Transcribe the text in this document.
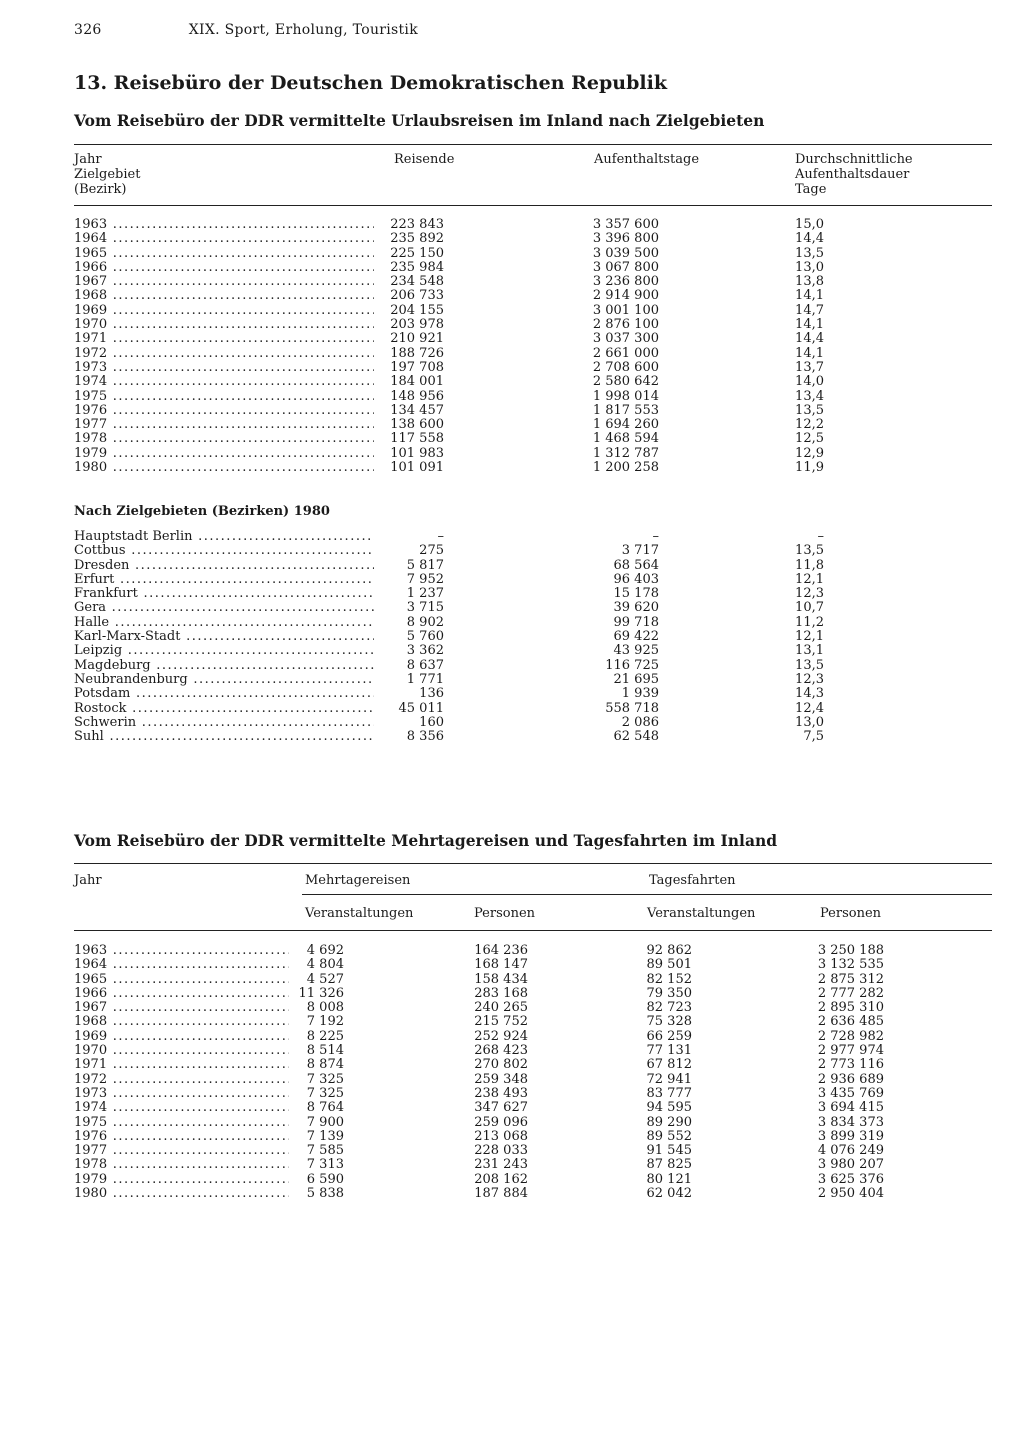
326	XIX. Sport, Erholung, Touristik
13. Reisebüro der Deutschen Demokratischen Republik
Vom Reisebüro der DDR vermittelte Urlaubsreisen im Inland nach Zielgebieten
Jahr
Zielgebiet
(Bezirk)
Reisende	Aufenthaltstage	Durchschnittliche
Aufenthaltsdauer
Tage
1963 .....	223 843	3 357 600	15,0
1964 .....	235 892	3 396 800	14,4
1965 .....	225 150	3 039 500	13,5
1966 .....	235 984	3 067 800	13,0
1967 .....	234 548	3 236 800	13,8
1968 .....	206 733	2 914 900	14,1
1969 .....	204 155	3 001 100	14,7
1970 .....	203 978	2 876 100	14,1
1971 .....	210 921	3 037 300	14,4
1972 .....	188 726	2 661 000	14,1
1973 .....	197 708	2 708 600	13,7
1974 .....	184 001	2 580 642	14,0
1975 .....	148 956	1 998 014	13,4
1976 .....	134 457	1 817 553	13,5
1977 .....	138 600	1 694 260	12,2
1978 .....	117 558	1 468 594	12,5
1979 .....	101 983	1 312 787	12,9
1980 .....	101 091	1 200 258	11,9
Nach Zielgebieten (Bezirken) 1980
Hauptstadt Berlin .....	–	–	–
Cottbus .....	275	3 717	13,5
Dresden .....	5 817	68 564	11,8
Erfurt .....	7 952	96 403	12,1
Frankfurt .....	1 237	15 178	12,3
Gera .....	3 715	39 620	10,7
Halle .....	8 902	99 718	11,2
Karl-Marx-Stadt .....	5 760	69 422	12,1
Leipzig .....	3 362	43 925	13,1
Magdeburg .....	8 637	116 725	13,5
Neubrandenburg .....	1 771	21 695	12,3
Potsdam .....	136	1 939	14,3
Rostock .....	45 011	558 718	12,4
Schwerin .....	160	2 086	13,0
Suhl .....	8 356	62 548	7,5
Vom Reisebüro der DDR vermittelte Mehrtagereisen und Tagesfahrten im Inland
Jahr	Mehrtagereisen	Tagesfahrten
Veranstaltungen	Personen	Veranstaltungen	Personen
1963 .....	4 692	164 236	92 862	3 250 188
1964 .....	4 804	168 147	89 501	3 132 535
1965 .....	4 527	158 434	82 152	2 875 312
1966 .....	11 326	283 168	79 350	2 777 282
1967 .....	8 008	240 265	82 723	2 895 310
1968 .....	7 192	215 752	75 328	2 636 485
1969 .....	8 225	252 924	66 259	2 728 982
1970 .....	8 514	268 423	77 131	2 977 974
1971 .....	8 874	270 802	67 812	2 773 116
1972 .....	7 325	259 348	72 941	2 936 689
1973 .....	7 325	238 493	83 777	3 435 769
1974 .....	8 764	347 627	94 595	3 694 415
1975 .....	7 900	259 096	89 290	3 834 373
1976 .....	7 139	213 068	89 552	3 899 319
1977 .....	7 585	228 033	91 545	4 076 249
1978 .....	7 313	231 243	87 825	3 980 207
1979 .....	6 590	208 162	80 121	3 625 376
1980 .....	5 838	187 884	62 042	2 950 404
